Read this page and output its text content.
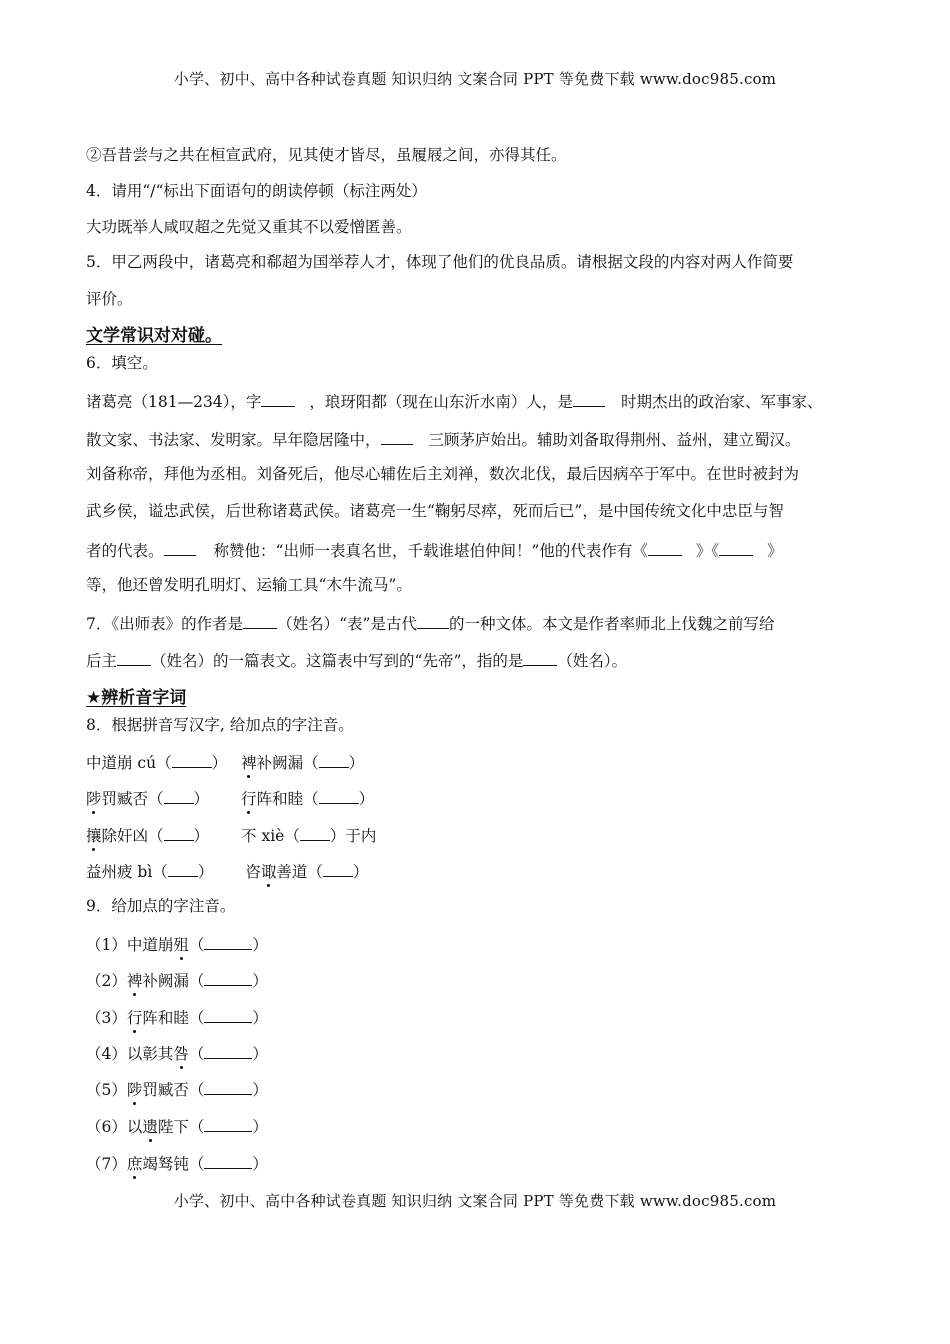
小学、初中、高中各种试卷真题 知识归纳 文案合同 PPT 等免费下载 www.doc985.com
②吾昔尝与之共在桓宣武府，见其使才皆尽，虽履屐之间，亦得其任。
4．请用“/“标出下面语句的朗读停顿（标注两处）
大功既举人咸叹超之先觉又重其不以爱憎匿善。
5．甲乙两段中，诸葛亮和郗超为国举荐人才，体现了他们的优良品质。请根据文段的内容对两人作简要
评价。
文学常识对对碰。
6．填空。
诸葛亮（181—234），字	，琅玡阳都（现在山东沂水南）人，是	时期杰出的政治家、军事家、
散文家、书法家、发明家。早年隐居隆中，	三顾茅庐始出。辅助刘备取得荆州、益州，建立蜀汉。
刘备称帝，拜他为丞相。刘备死后，他尽心辅佐后主刘禅，数次北伐，最后因病卒于军中。在世时被封为
武乡侯，谥忠武侯，后世称诸葛武侯。诸葛亮一生“鞠躬尽瘁，死而后已”，是中国传统文化中忠臣与智
者的代表。	称赞他：“出师一表真名世，千载谁堪伯仲间！”他的代表作有《	》《	》
等，他还曾发明孔明灯、运输工具“木牛流马”。
7．《出师表》的作者是 （姓名）“表”是古代 的一种文体。本文是作者率师北上伐魏之前写给
后主 （姓名）的一篇表文。这篇表中写到的“先帝”，指的是 （姓名）。
★辨析音字词
8．根据拼音写汉字, 给加点的字注音。
中道崩 cú（	） 裨补阙漏（ ）
陟罚臧否（ ） 行阵和睦（	）
攘除奸凶（ ） 不 xiè（ ）于内
益州疲 bì（ ） 咨诹善道（ ）
9．给加点的字注音。
（1）中道崩殂（	）
（2）裨补阙漏（	）
（3）行阵和睦（	）
（4）以彰其咎（	）
（5）陟罚臧否（	）
（6）以遗陛下（	）
（7）庶竭驽钝（	）
小学、初中、高中各种试卷真题 知识归纳 文案合同 PPT 等免费下载 www.doc985.com
